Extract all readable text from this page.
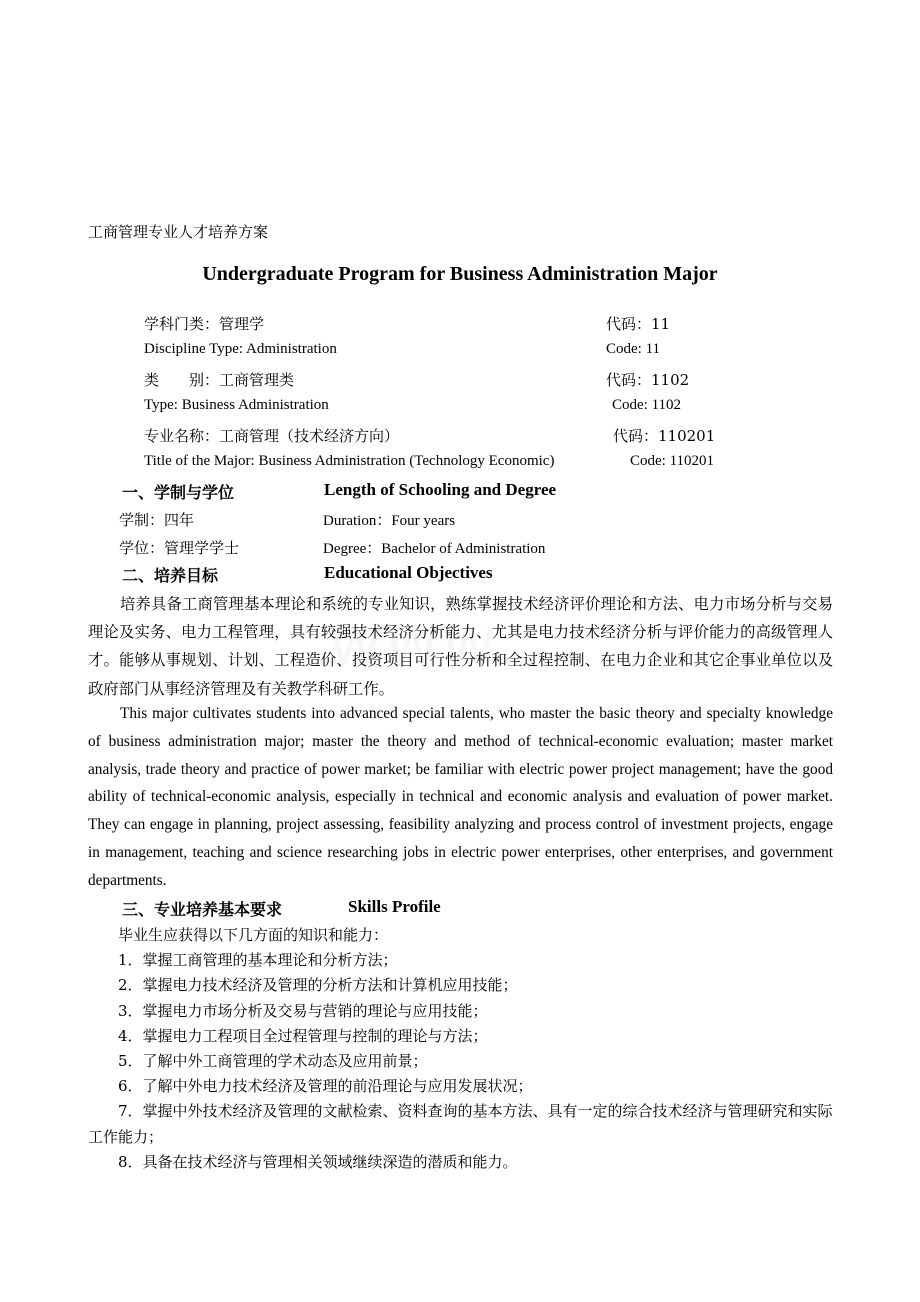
工商管理专业人才培养方案
Undergraduate Program for Business Administration Major
学科门类：管理学	代码：11
Discipline Type: Administration	Code: 11
类　　别：工商管理类	代码：1102
Type: Business Administration	Code: 1102
专业名称：工商管理（技术经济方向）	代码：110201
Title of the Major: Business Administration (Technology Economic)	Code: 110201
一、学制与学位	Length of Schooling and Degree
学制：四年	Duration：Four years
学位：管理学学士	Degree：Bachelor of Administration
二、培养目标	Educational Objectives
培养具备工商管理基本理论和系统的专业知识，熟练掌握技术经济评价理论和方法、电力市场分析与交易理论及实务、电力工程管理，具有较强技术经济分析能力、尤其是电力技术经济分析与评价能力的高级管理人才。能够从事规划、计划、工程造价、投资项目可行性分析和全过程控制、在电力企业和其它企事业单位以及政府部门从事经济管理及有关教学科研工作。
This major cultivates students into advanced special talents, who master the basic theory and specialty knowledge of business administration major; master the theory and method of technical-economic evaluation; master market analysis, trade theory and practice of power market; be familiar with electric power project management; have the good ability of technical-economic analysis, especially in technical and economic analysis and evaluation of power market. They can engage in planning, project assessing, feasibility analyzing and process control of investment projects, engage in management, teaching and science researching jobs in electric power enterprises, other enterprises, and government departments.
三、专业培养基本要求	Skills Profile
毕业生应获得以下几方面的知识和能力：
1．掌握工商管理的基本理论和分析方法；
2．掌握电力技术经济及管理的分析方法和计算机应用技能；
3．掌握电力市场分析及交易与营销的理论与应用技能；
4．掌握电力工程项目全过程管理与控制的理论与方法；
5．了解中外工商管理的学术动态及应用前景；
6．了解中外电力技术经济及管理的前沿理论与应用发展状况；
7．掌握中外技术经济及管理的文献检索、资料查询的基本方法、具有一定的综合技术经济与管理研究和实际工作能力；
8．具备在技术经济与管理相关领域继续深造的潜质和能力。
